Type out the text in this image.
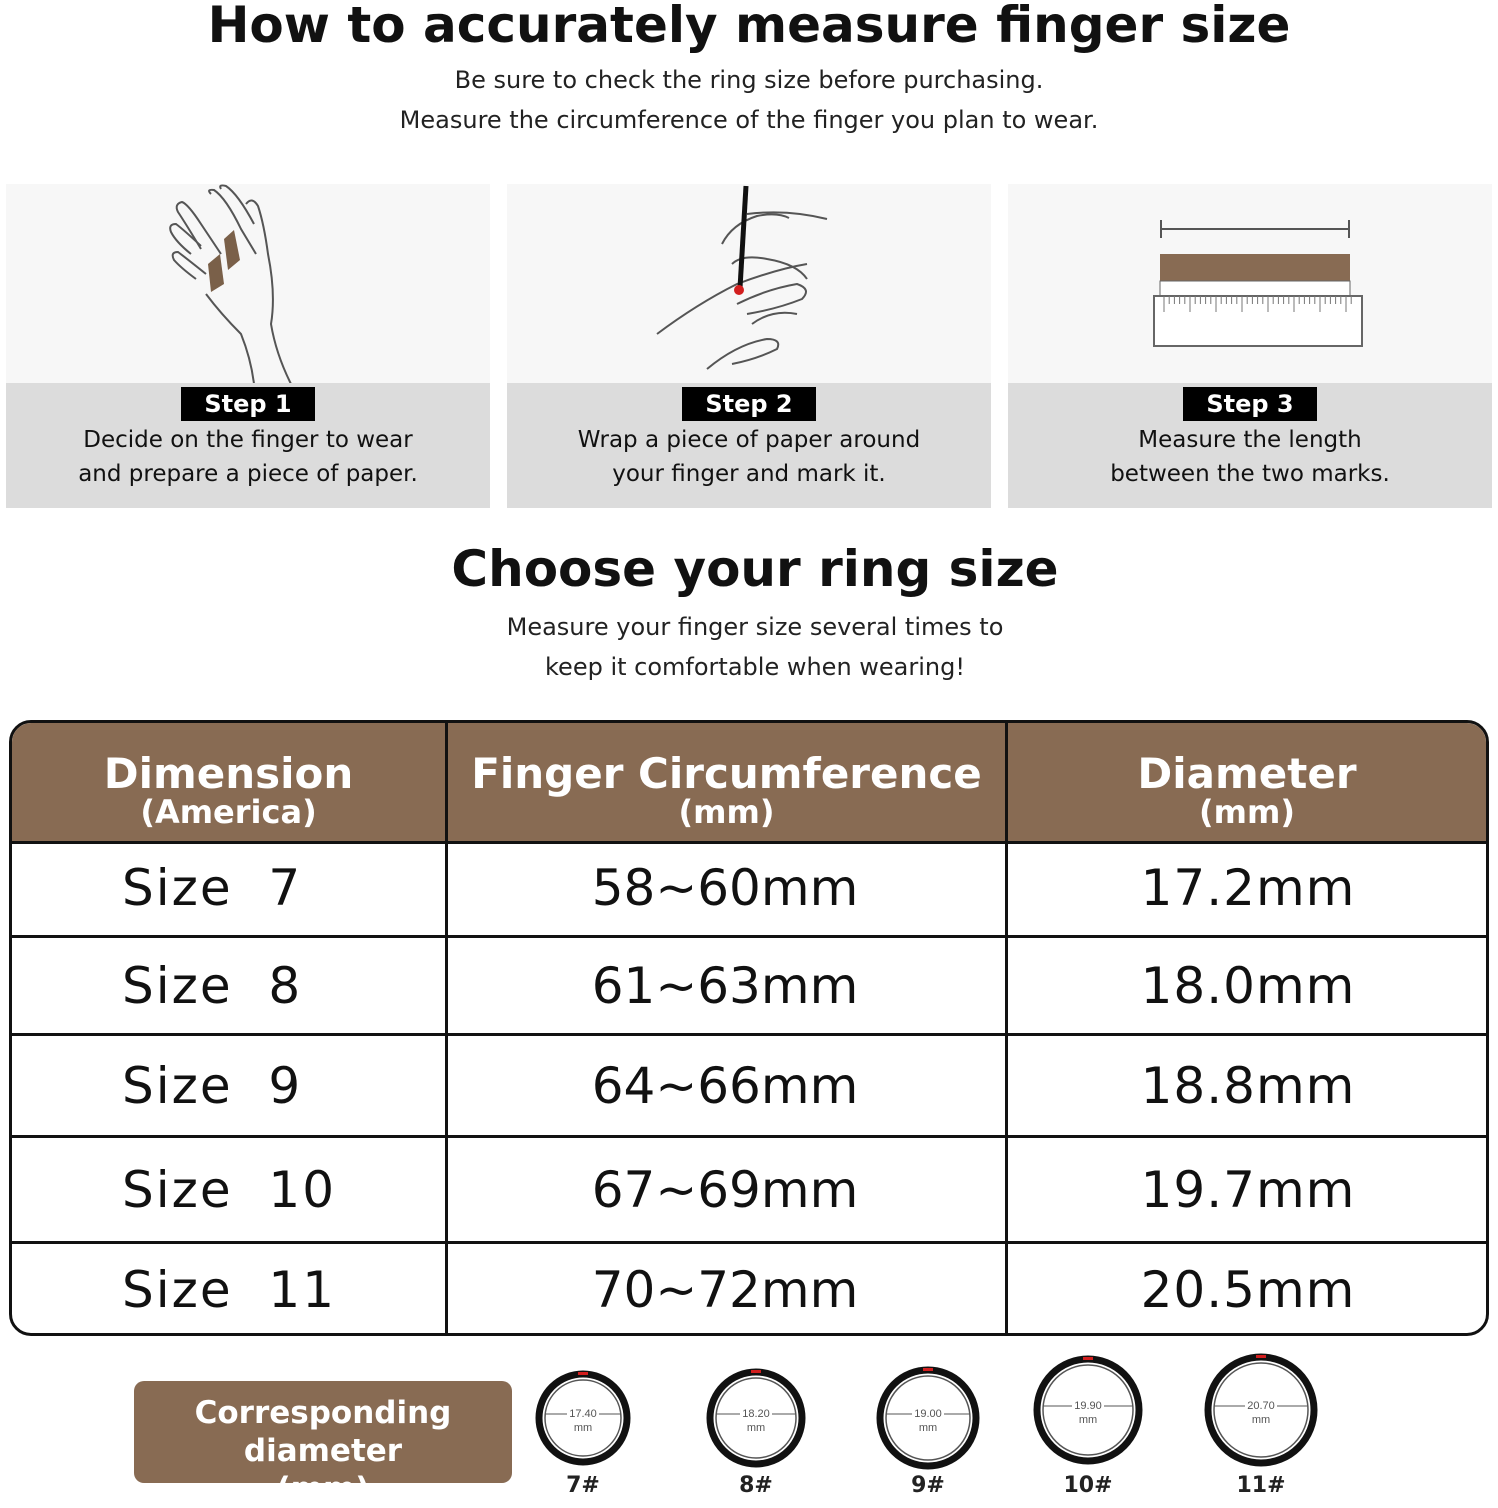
How to accurately measure finger size
Be sure to check the ring size before purchasing.
Measure the circumference of the finger you plan to wear.
Step 1
Decide on the finger to wear
and prepare a piece of paper.
Step 2
Wrap a piece of paper around
your finger and mark it.
Step 3
Measure the length
between the two marks.
Choose your ring size
Measure your finger size several times to
keep it comfortable when wearing!
Dimension
(America)
Finger Circumference
(mm)
Diameter
(mm)
Size  7	58~60mm	17.2mm
Size  8	61~63mm	18.0mm
Size  9	64~66mm	18.8mm
Size  10	67~69mm	19.7mm
Size  11	70~72mm	20.5mm
Corresponding diameter
(mm)
17.40
mm
7#
18.20
mm
8#
19.00
mm
9#
19.90
mm
10#
20.70
mm
11#
